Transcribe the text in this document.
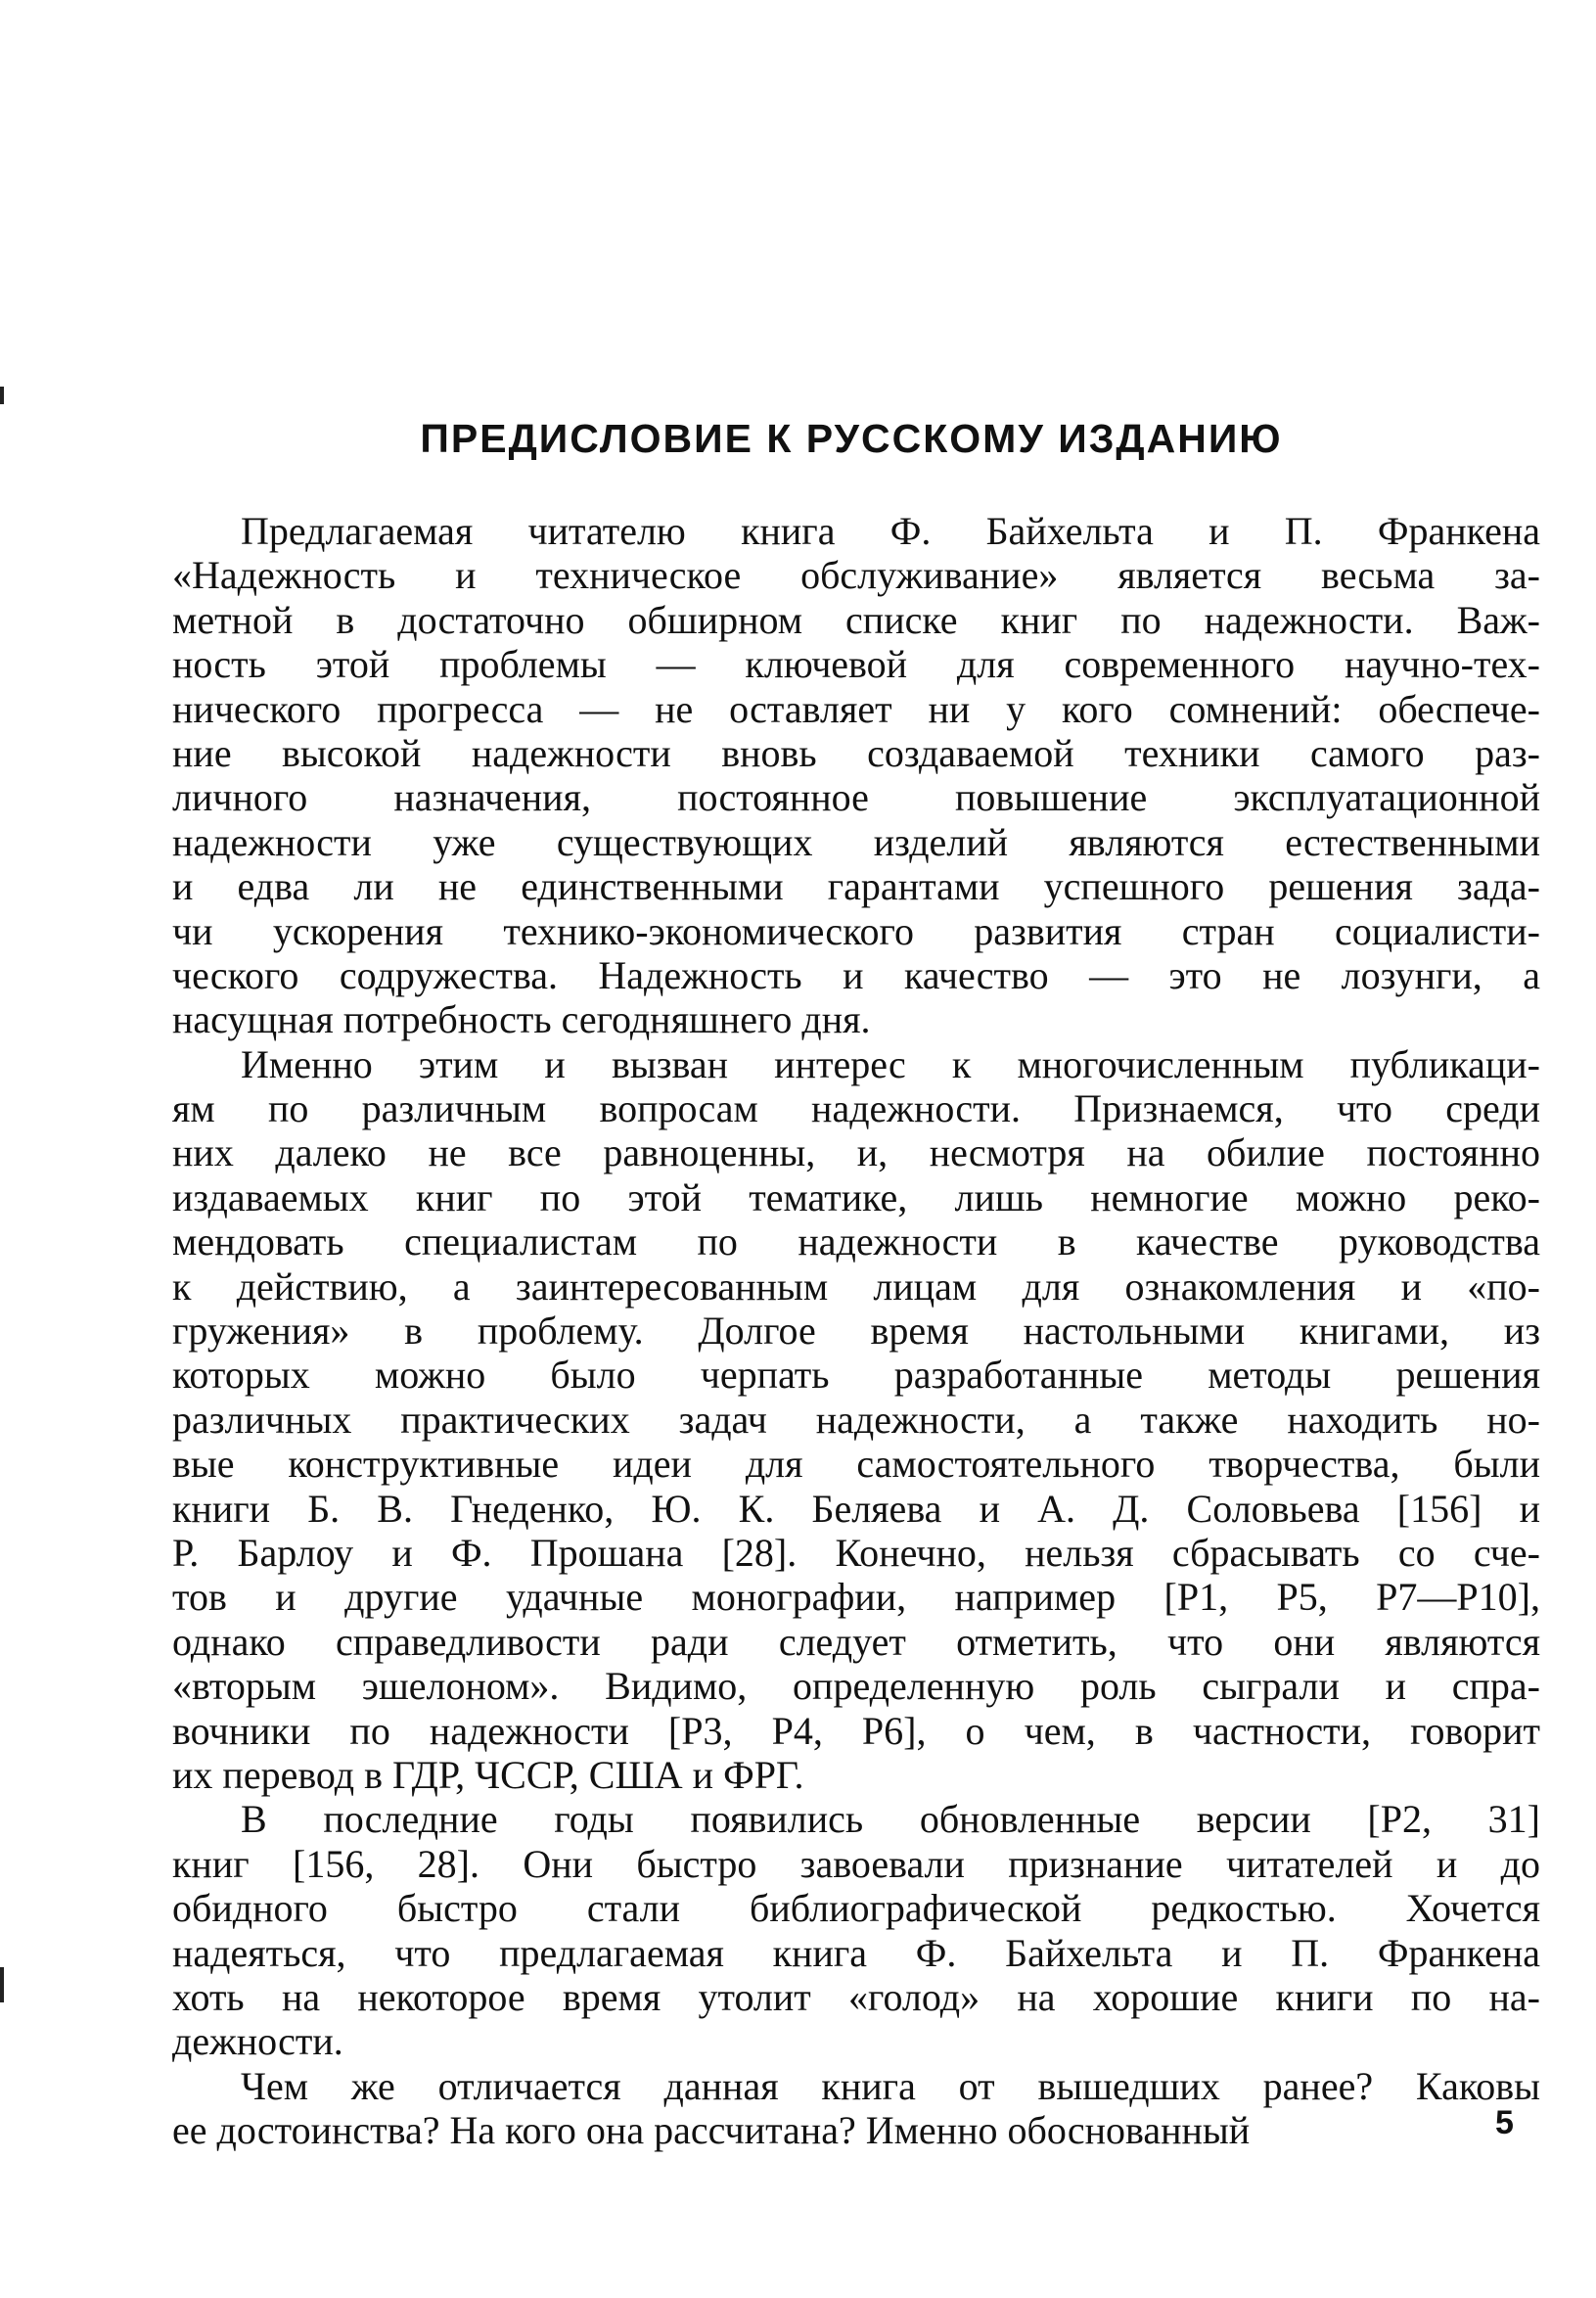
ПРЕДИСЛОВИЕ К РУССКОМУ ИЗДАНИЮ
Предлагаемая читателю книга Ф. Байхельта и П. Франкена
«Надежность и техническое обслуживание» является весьма за-
метной в достаточно обширном списке книг по надежности. Важ-
ность этой проблемы — ключевой для современного научно-тех-
нического прогресса — не оставляет ни у кого сомнений: обеспече-
ние высокой надежности вновь создаваемой техники самого раз-
личного назначения, постоянное повышение эксплуатационной
надежности уже существующих изделий являются естественными
и едва ли не единственными гарантами успешного решения зада-
чи ускорения технико-экономического развития стран социалисти-
ческого содружества. Надежность и качество — это не лозунги, а
насущная потребность сегодняшнего дня.
Именно этим и вызван интерес к многочисленным публикаци-
ям по различным вопросам надежности. Признаемся, что среди
них далеко не все равноценны, и, несмотря на обилие постоянно
издаваемых книг по этой тематике, лишь немногие можно реко-
мендовать специалистам по надежности в качестве руководства
к действию, а заинтересованным лицам для ознакомления и «по-
гружения» в проблему. Долгое время настольными книгами, из
которых можно было черпать разработанные методы решения
различных практических задач надежности, а также находить но-
вые конструктивные идеи для самостоятельного творчества, были
книги Б. В. Гнеденко, Ю. К. Беляева и А. Д. Соловьева [156] и
Р. Барлоу и Ф. Прошана [28]. Конечно, нельзя сбрасывать со сче-
тов и другие удачные монографии, например [P1, P5, P7—P10],
однако справедливости ради следует отметить, что они являются
«вторым эшелоном». Видимо, определенную роль сыграли и спра-
вочники по надежности [P3, P4, P6], о чем, в частности, говорит
их перевод в ГДР, ЧССР, США и ФРГ.
В последние годы появились обновленные версии [P2, 31]
книг [156, 28]. Они быстро завоевали признание читателей и до
обидного быстро стали библиографической редкостью. Хочется
надеяться, что предлагаемая книга Ф. Байхельта и П. Франкена
хоть на некоторое время утолит «голод» на хорошие книги по на-
дежности.
Чем же отличается данная книга от вышедших ранее? Каковы
ее достоинства? На кого она рассчитана? Именно обоснованный	5
